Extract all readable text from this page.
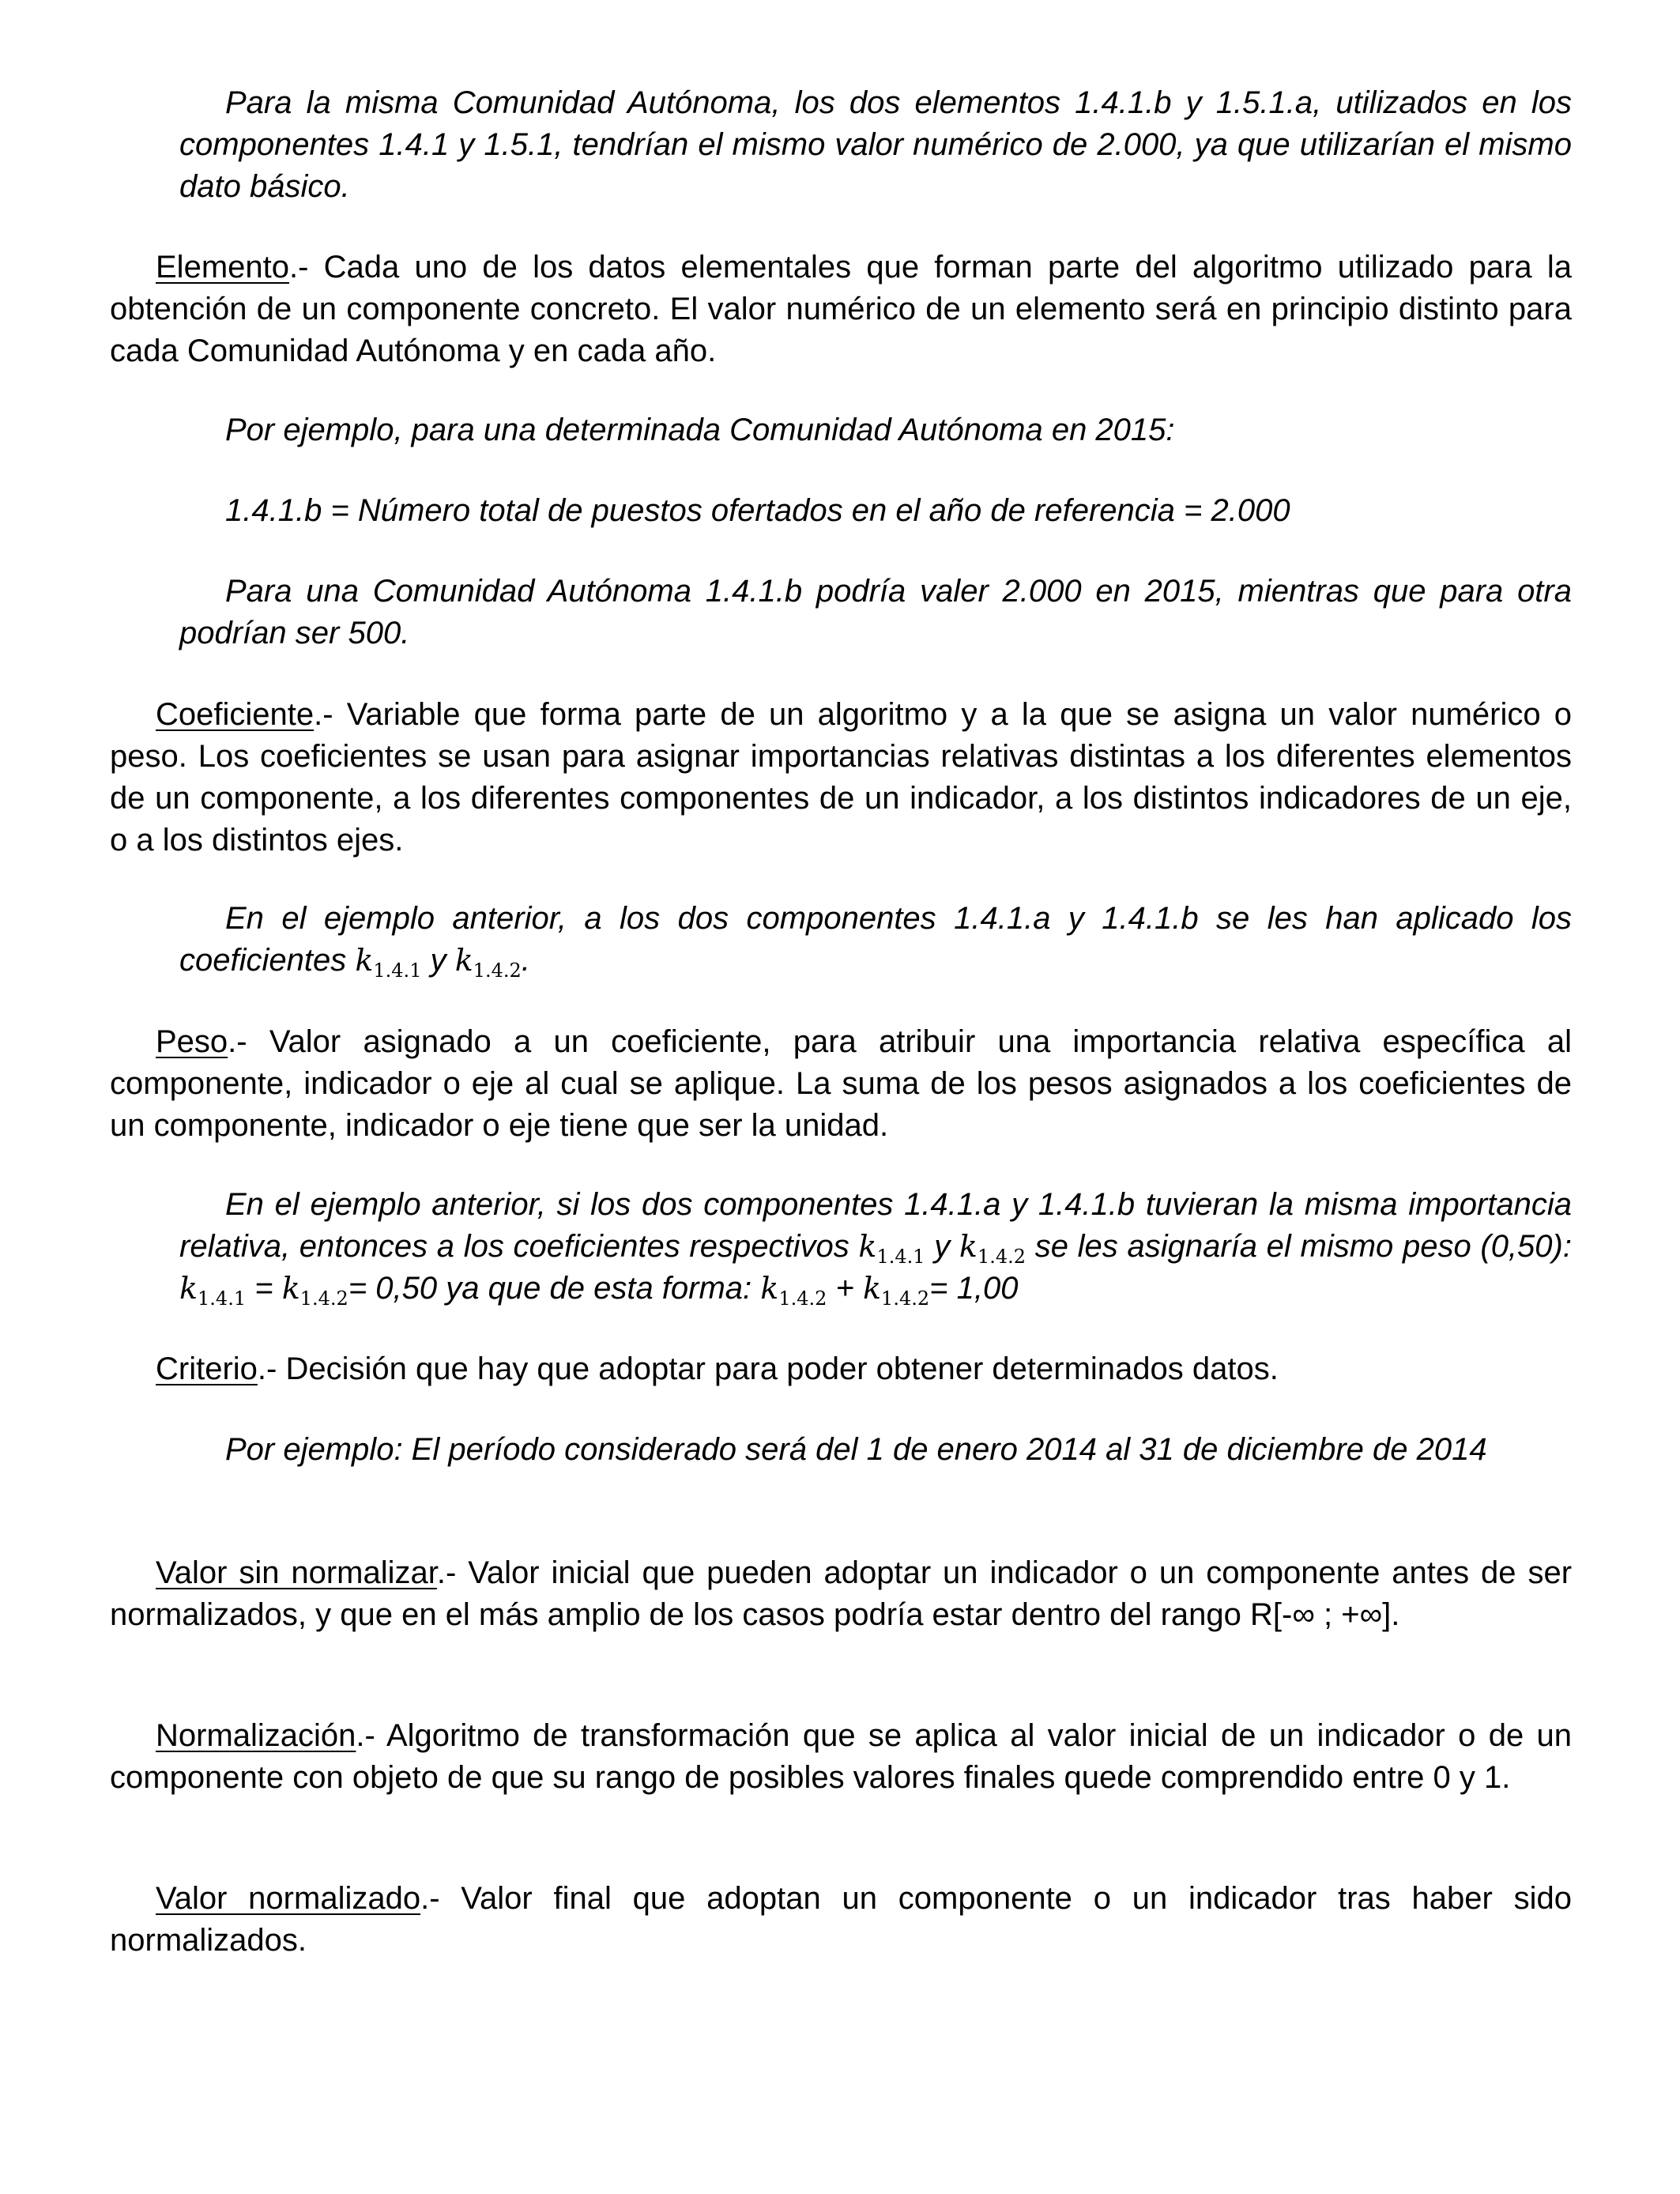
Para la misma Comunidad Autónoma, los dos elementos 1.4.1.b y 1.5.1.a, utilizados en los componentes 1.4.1 y 1.5.1, tendrían el mismo valor numérico de 2.000, ya que utilizarían el mismo dato básico.

Elemento.- Cada uno de los datos elementales que forman parte del algoritmo utilizado para la obtención de un componente concreto. El valor numérico de un elemento será en principio distinto para cada Comunidad Autónoma y en cada año.

Por ejemplo, para una determinada Comunidad Autónoma en 2015:

1.4.1.b = Número total de puestos ofertados en el año de referencia = 2.000

Para una Comunidad Autónoma 1.4.1.b podría valer 2.000 en 2015, mientras que para otra podrían ser 500.

Coeficiente.- Variable que forma parte de un algoritmo y a la que se asigna un valor numérico o peso. Los coeficientes se usan para asignar importancias relativas distintas a los diferentes elementos de un componente, a los diferentes componentes de un indicador, a los distintos indicadores de un eje, o a los distintos ejes.

En el ejemplo anterior, a los dos componentes 1.4.1.a y 1.4.1.b se les han aplicado los coeficientes $k_{1.4.1}$ y $k_{1.4.2}$.

Peso.- Valor asignado a un coeficiente, para atribuir una importancia relativa específica al componente, indicador o eje al cual se aplique. La suma de los pesos asignados a los coeficientes de un componente, indicador o eje tiene que ser la unidad.

En el ejemplo anterior, si los dos componentes 1.4.1.a y 1.4.1.b tuvieran la misma importancia relativa, entonces a los coeficientes respectivos $k_{1.4.1}$ y $k_{1.4.2}$ se les asignaría el mismo peso (0,50): $k_{1.4.1} = k_{1.4.2}= 0,50$ ya que de esta forma: $k_{1.4.2} + k_{1.4.2}= 1,00$

Criterio.- Decisión que hay que adoptar para poder obtener determinados datos.

Por ejemplo: El período considerado será del 1 de enero 2014 al 31 de diciembre de 2014

Valor sin normalizar.- Valor inicial que pueden adoptar un indicador o un componente antes de ser normalizados, y que en el más amplio de los casos podría estar dentro del rango R[-∞ ; +∞].

Normalización.- Algoritmo de transformación que se aplica al valor inicial de un indicador o de un componente con objeto de que su rango de posibles valores finales quede comprendido entre 0 y 1.

Valor normalizado.- Valor final que adoptan un componente o un indicador tras haber sido normalizados.
